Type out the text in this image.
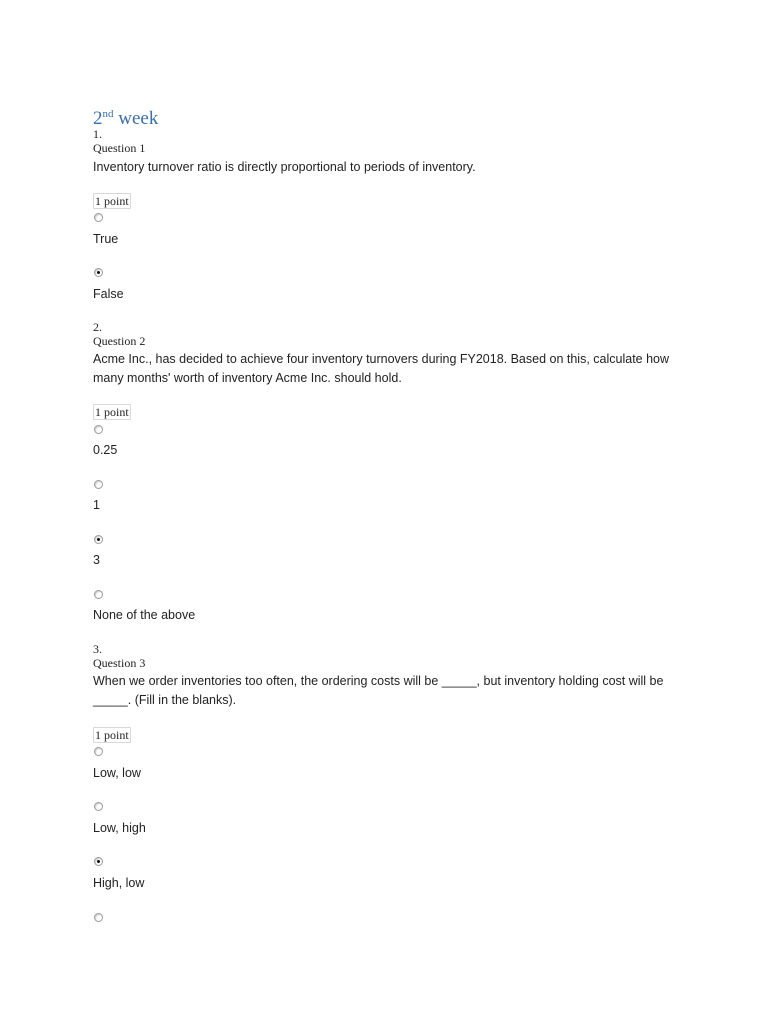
2nd week
1.
Question 1
Inventory turnover ratio is directly proportional to periods of inventory.
1 point
True
False
2.
Question 2
Acme Inc., has decided to achieve four inventory turnovers during FY2018. Based on this, calculate how many months' worth of inventory Acme Inc. should hold.
1 point
0.25
1
3
None of the above
3.
Question 3
When we order inventories too often, the ordering costs will be _____, but inventory holding cost will be _____. (Fill in the blanks).
1 point
Low, low
Low, high
High, low
